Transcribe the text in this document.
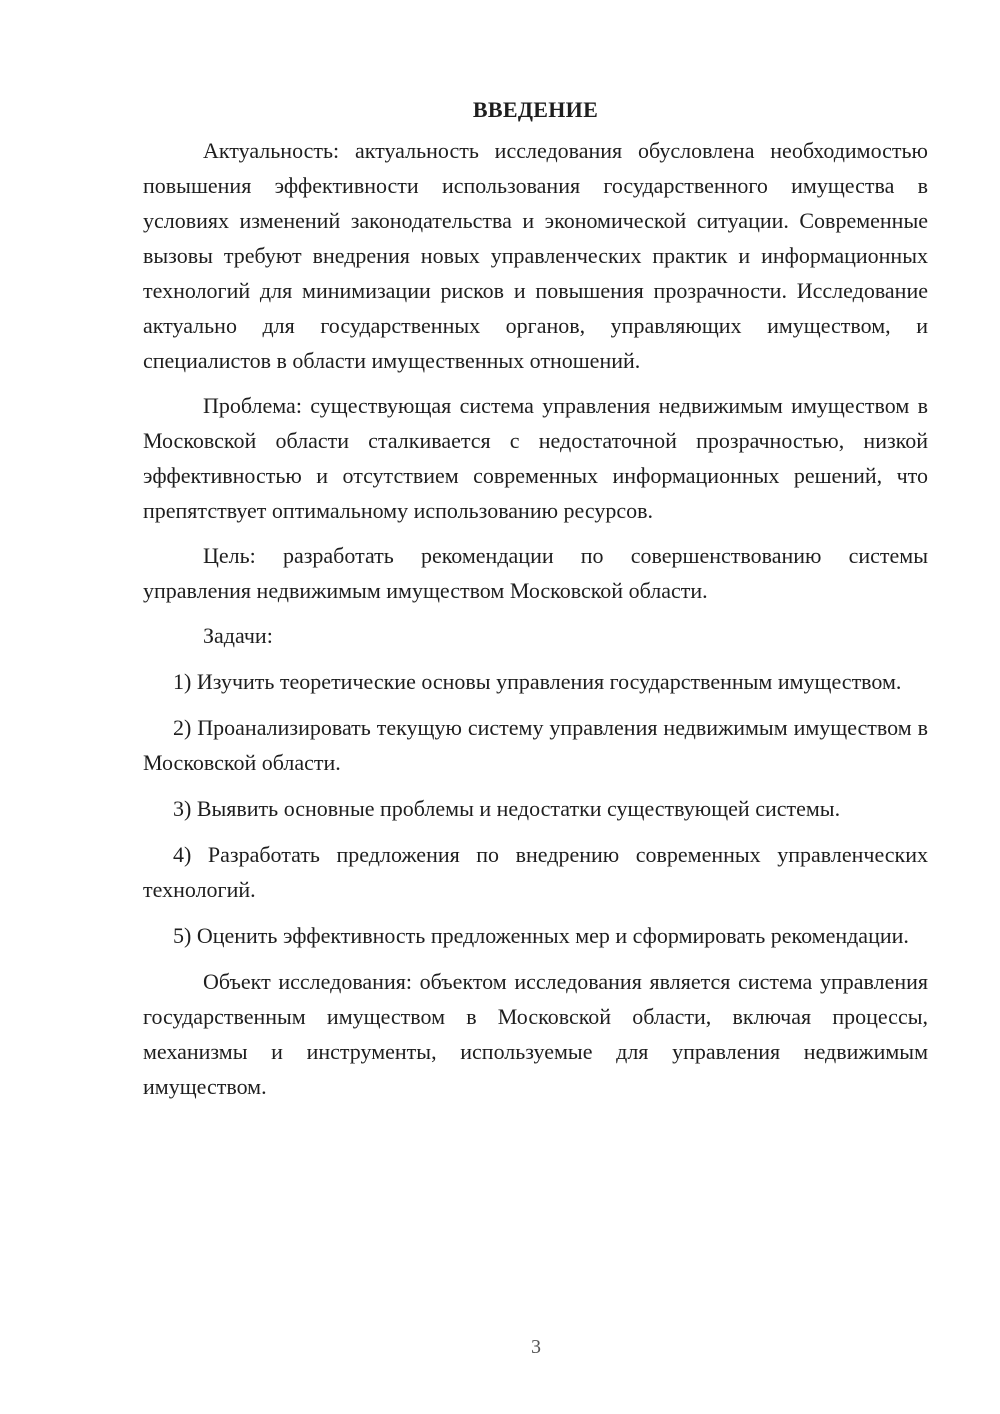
ВВЕДЕНИЕ

Актуальность: актуальность исследования обусловлена необходимостью повышения эффективности использования государственного имущества в условиях изменений законодательства и экономической ситуации. Современные вызовы требуют внедрения новых управленческих практик и информационных технологий для минимизации рисков и повышения прозрачности. Исследование актуально для государственных органов, управляющих имуществом, и специалистов в области имущественных отношений.

Проблема: существующая система управления недвижимым имуществом в Московской области сталкивается с недостаточной прозрачностью, низкой эффективностью и отсутствием современных информационных решений, что препятствует оптимальному использованию ресурсов.

Цель: разработать рекомендации по совершенствованию системы управления недвижимым имуществом Московской области.

Задачи:

1) Изучить теоретические основы управления государственным имуществом.

2) Проанализировать текущую систему управления недвижимым имуществом в Московской области.

3) Выявить основные проблемы и недостатки существующей системы.

4) Разработать предложения по внедрению современных управленческих технологий.

5) Оценить эффективность предложенных мер и сформировать рекомендации.

Объект исследования: объектом исследования является система управления государственным имуществом в Московской области, включая процессы, механизмы и инструменты, используемые для управления недвижимым имуществом.

3
